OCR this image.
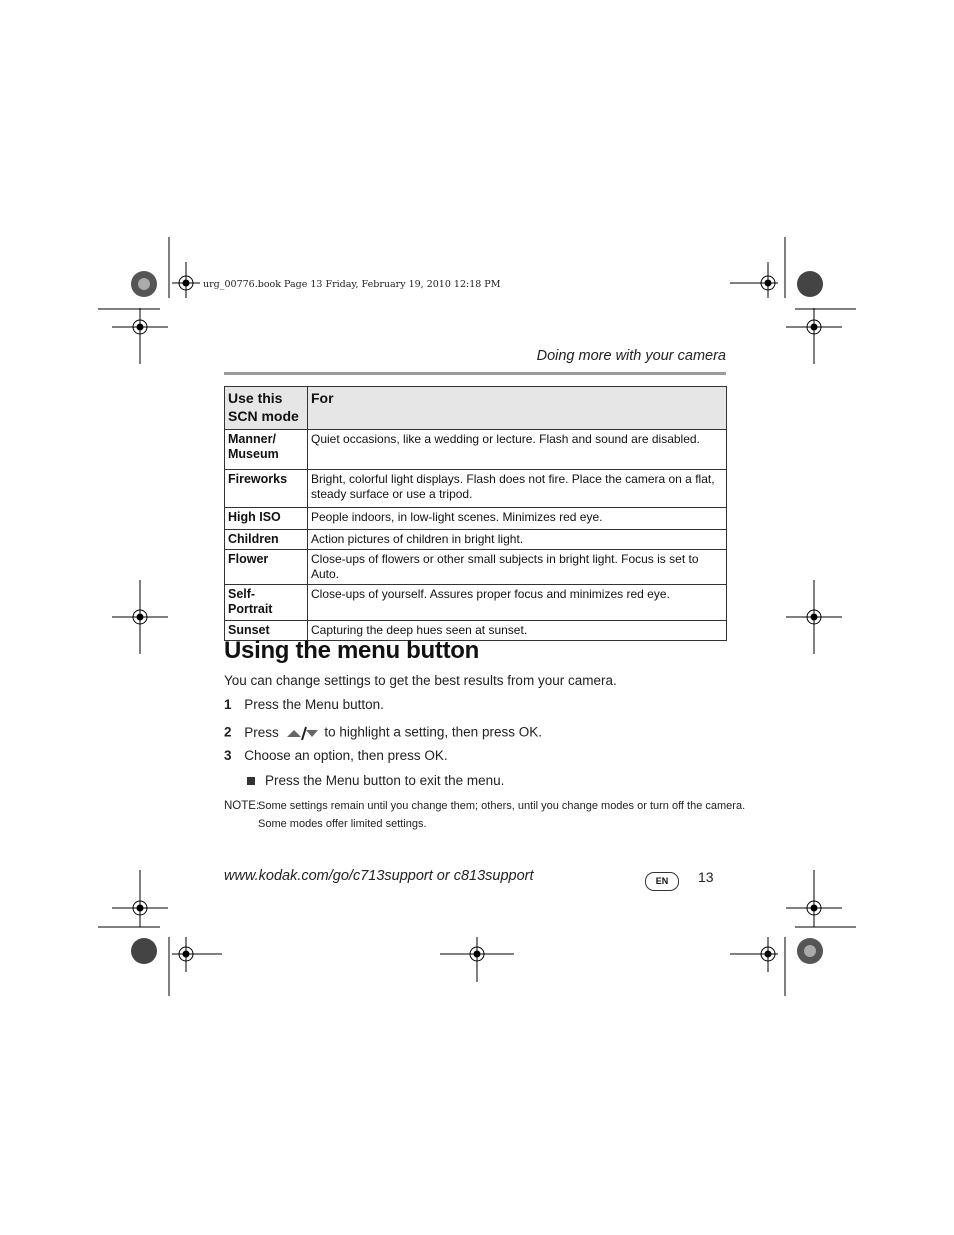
urg_00776.book Page 13 Friday, February 19, 2010 12:18 PM
Doing more with your camera
Use this
SCN mode	For
Manner/
Museum	Quiet occasions, like a wedding or lecture. Flash and sound are disabled.
Fireworks	Bright, colorful light displays. Flash does not fire. Place the camera on a flat, steady surface or use a tripod.
High ISO	People indoors, in low-light scenes. Minimizes red eye.
Children	Action pictures of children in bright light.
Flower	Close-ups of flowers or other small subjects in bright light. Focus is set to Auto.
Self-
Portrait	Close-ups of yourself. Assures proper focus and minimizes red eye.
Sunset	Capturing the deep hues seen at sunset.
Using the menu button
You can change settings to get the best results from your camera.
1 Press the Menu button.
2 Press	to highlight a setting, then press OK.
3 Choose an option, then press OK.
Press the Menu button to exit the menu.
NOTE:
Some settings remain until you change them; others, until you change modes or turn off the camera.
Some modes offer limited settings.
www.kodak.com/go/c713support or c813support	EN	13
